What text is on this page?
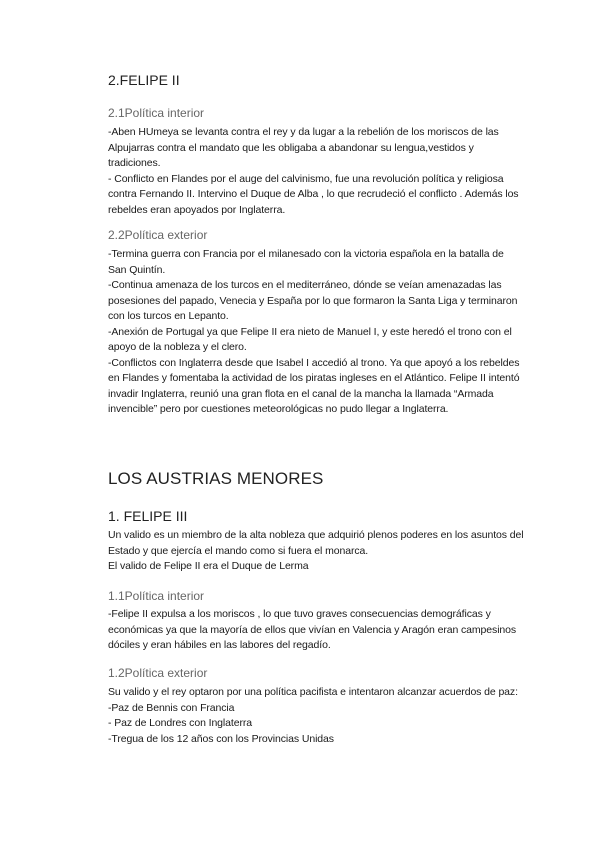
2.FELIPE II
2.1Política interior

-Aben HUmeya se levanta contra el rey y da lugar a la rebelión de los moriscos de las Alpujarras contra el mandato que les obligaba a abandonar su lengua,vestidos y tradiciones.

- Conflicto en Flandes por el auge del calvinismo, fue una revolución política y religiosa contra Fernando II. Intervino el Duque de Alba , lo que recrudeció el conflicto . Además los rebeldes eran apoyados por Inglaterra.

2.2Política exterior

-Termina guerra con Francia por el milanesado con la victoria española en la batalla de San Quintín.

-Continua amenaza de los turcos en el mediterráneo, dónde se veían amenazadas las posesiones del papado, Venecia y España por lo que formaron la Santa Liga y terminaron con los turcos en Lepanto.

-Anexión de Portugal ya que Felipe II era nieto de Manuel I, y este heredó el trono con el apoyo de la nobleza y el clero.

-Conflictos con Inglaterra desde que Isabel I accedió al trono. Ya que apoyó a los rebeldes en Flandes y fomentaba la actividad de los piratas ingleses en el Atlántico. Felipe II intentó invadir Inglaterra, reunió una gran flota en el canal de la mancha la llamada “Armada invencible” pero por cuestiones meteorológicas no pudo llegar a Inglaterra.

LOS AUSTRIAS MENORES
1. FELIPE III

Un valido es un miembro de la alta nobleza que adquirió plenos poderes en los asuntos del Estado y que ejercía el mando como si fuera el monarca.

El valido de Felipe II era el Duque de Lerma

1.1Política interior

-Felipe II expulsa a los moriscos , lo que tuvo graves consecuencias demográficas y económicas ya que la mayoría de ellos que vivían en Valencia y Aragón eran campesinos dóciles y eran hábiles en las labores del regadío.

1.2Política exterior

Su valido y el rey optaron por una política pacifista e intentaron alcanzar acuerdos de paz:

-Paz de Bennis con Francia

- Paz de Londres con Inglaterra

-Tregua de los 12 años con los Provincias Unidas
